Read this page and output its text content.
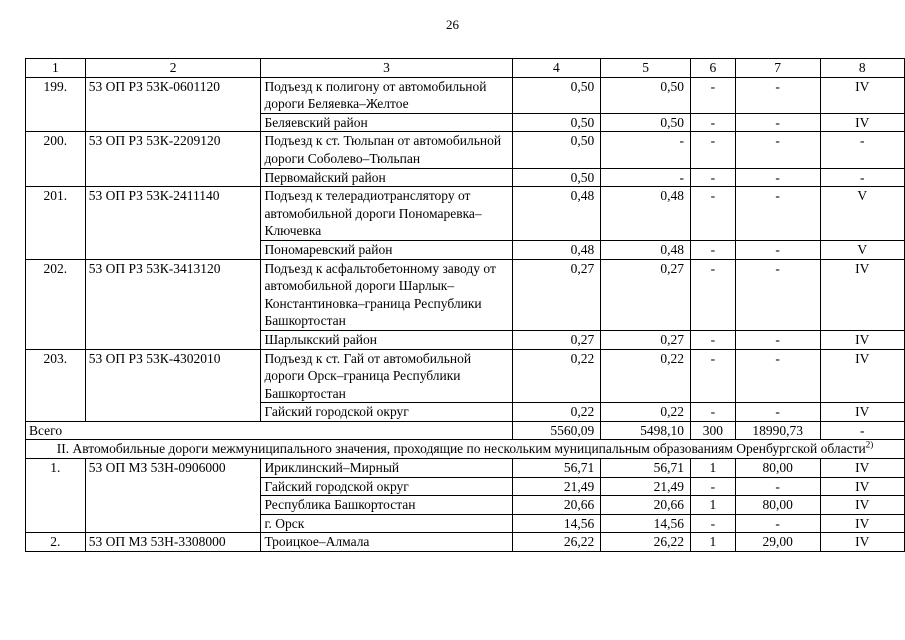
26
1	2	3	4	5	6	7	8
199.	53 ОП РЗ 53К-0601120	Подъезд к полигону от автомобильной дороги Беляевка–Желтое	0,50	0,50	-	-	IV
		Беляевский район	0,50	0,50	-	-	IV
200.	53 ОП РЗ 53К-2209120	Подъезд к ст. Тюльпан от автомобильной дороги Соболево–Тюльпан	0,50	-	-	-	-
		Первомайский район	0,50	-	-	-	-
201.	53 ОП РЗ 53К-2411140	Подъезд к телерадиотранслятору от автомобильной дороги Пономаревка–Ключевка	0,48	0,48	-	-	V
		Пономаревский район	0,48	0,48	-	-	V
202.	53 ОП РЗ 53К-3413120	Подъезд к асфальтобетонному заводу от автомобильной дороги Шарлык–Константиновка–граница Республики Башкортостан	0,27	0,27	-	-	IV
		Шарлыкский район	0,27	0,27	-	-	IV
203.	53 ОП РЗ 53К-4302010	Подъезд к ст. Гай от автомобильной дороги Орск–граница Республики Башкортостан	0,22	0,22	-	-	IV
		Гайский городской округ	0,22	0,22	-	-	IV
Всего			5560,09	5498,10	300	18990,73	-
II. Автомобильные дороги межмуниципального значения, проходящие по нескольким муниципальным образованиям Оренбургской области$^{2)}$
1.	53 ОП МЗ 53Н-0906000	Ириклинский–Мирный	56,71	56,71	1	80,00	IV
		Гайский городской округ	21,49	21,49	-	-	IV
		Республика Башкортостан	20,66	20,66	1	80,00	IV
		г. Орск	14,56	14,56	-	-	IV
2.	53 ОП МЗ 53Н-3308000	Троицкое–Алмала	26,22	26,22	1	29,00	IV
